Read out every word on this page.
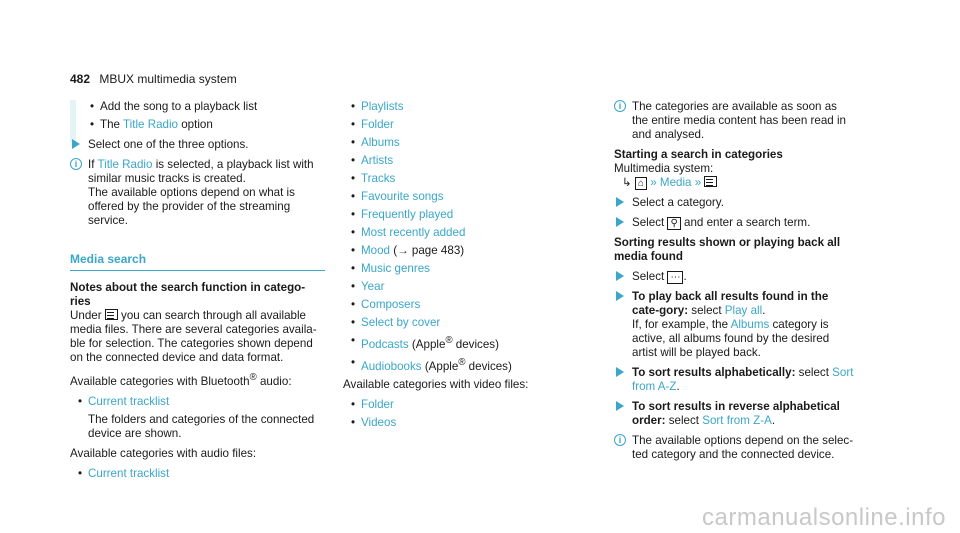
482 MBUX multimedia system
• Add the song to a playback list
• The Title Radio option
Select one of the three options.
i If Title Radio is selected, a playback list with similar music tracks is created.
The available options depend on what is offered by the provider of the streaming service.
Media search
Notes about the search function in catego-ries
Under  you can search through all available media files. There are several categories availa-ble for selection. The categories shown depend on the connected device and data format.
Available categories with Bluetooth® audio:
• Current tracklist
The folders and categories of the connected device are shown.
Available categories with audio files:
• Current tracklist
• Playlists
• Folder
• Albums
• Artists
• Tracks
• Favourite songs
• Frequently played
• Most recently added
• Mood (→ page 483)
• Music genres
• Year
• Composers
• Select by cover
• Podcasts (Apple® devices)
• Audiobooks (Apple® devices)
Available categories with video files:
• Folder
• Videos
i The categories are available as soon as the entire media content has been read in and analysed.
Starting a search in categories
Multimedia system:
↳ ⌂ » Media »
Select a category.
Select ⚲ and enter a search term.
Sorting results shown or playing back all media found
Select ⋯ .
To play back all results found in the cate-gory: select Play all.
If, for example, the Albums category is active, all albums found by the desired artist will be played back.
To sort results alphabetically: select Sort from A-Z.
To sort results in reverse alphabetical order: select Sort from Z-A.
i The available options depend on the selec-ted category and the connected device.
carmanualsonline.info
